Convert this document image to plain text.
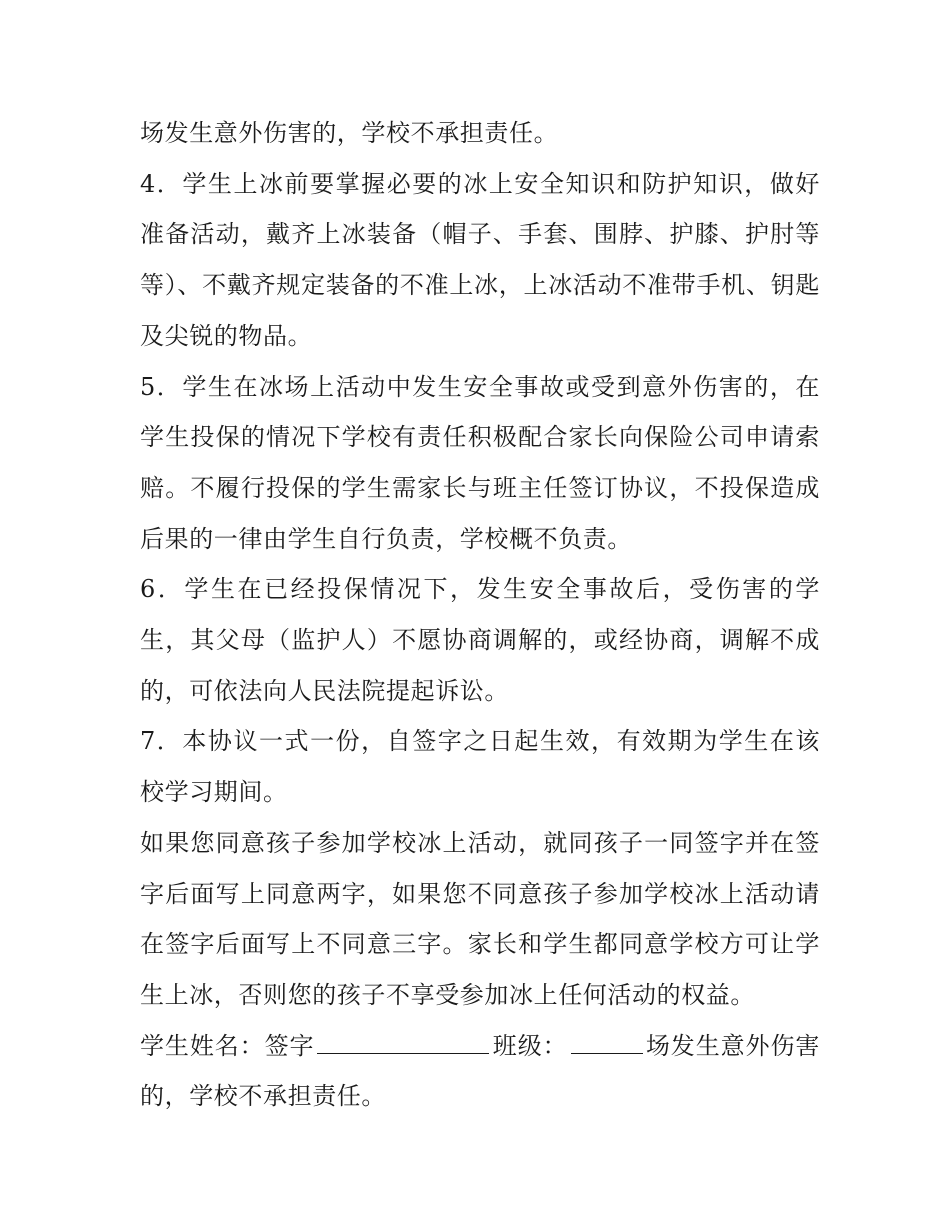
场发生意外伤害的，学校不承担责任。

4．学生上冰前要掌握必要的冰上安全知识和防护知识，做好准备活动，戴齐上冰装备（帽子、手套、围脖、护膝、护肘等等）、不戴齐规定装备的不准上冰，上冰活动不准带手机、钥匙及尖锐的物品。

5．学生在冰场上活动中发生安全事故或受到意外伤害的，在学生投保的情况下学校有责任积极配合家长向保险公司申请索赔。不履行投保的学生需家长与班主任签订协议，不投保造成后果的一律由学生自行负责，学校概不负责。

6．学生在已经投保情况下，发生安全事故后，受伤害的学生，其父母（监护人）不愿协商调解的，或经协商，调解不成的，可依法向人民法院提起诉讼。

7．本协议一式一份，自签字之日起生效，有效期为学生在该校学习期间。

如果您同意孩子参加学校冰上活动，就同孩子一同签字并在签字后面写上同意两字，如果您不同意孩子参加学校冰上活动请在签字后面写上不同意三字。家长和学生都同意学校方可让学生上冰，否则您的孩子不享受参加冰上任何活动的权益。

学生姓名：签字	班级：	场发生意外伤害的，学校不承担责任。
